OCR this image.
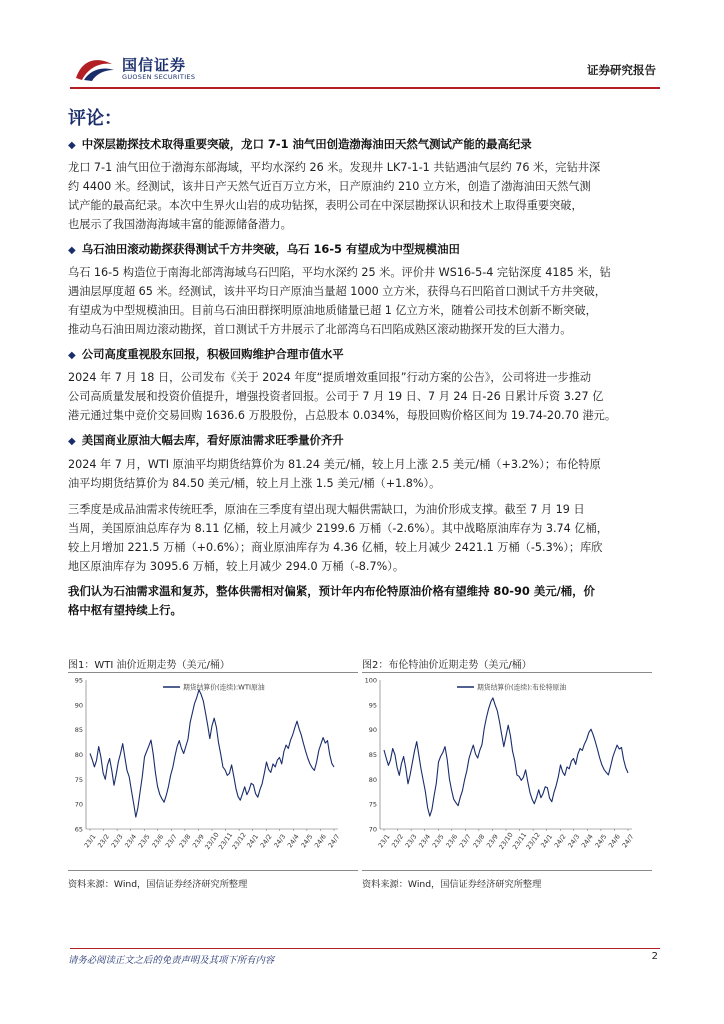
国信证券
GUOSEN SECURITIES	证券研究报告
评论：
◆ 中深层勘探技术取得重要突破，龙口 7-1 油气田创造渤海油田天然气测试产能的最高纪录
龙口 7-1 油气田位于渤海东部海域，平均水深约 26 米。发现井 LK7-1-1 共钻遇油气层约 76 米，完钻井深
约 4400 米。经测试，该井日产天然气近百万立方米，日产原油约 210 立方米，创造了渤海油田天然气测
试产能的最高纪录。本次中生界火山岩的成功钻探，表明公司在中深层勘探认识和技术上取得重要突破，
也展示了我国渤海海域丰富的能源储备潜力。
◆ 乌石油田滚动勘探获得测试千方井突破，乌石 16-5 有望成为中型规模油田
乌石 16-5 构造位于南海北部湾海域乌石凹陷，平均水深约 25 米。评价井 WS16-5-4 完钻深度 4185 米，钻
遇油层厚度超 65 米。经测试，该井平均日产原油当量超 1000 立方米，获得乌石凹陷首口测试千方井突破，
有望成为中型规模油田。目前乌石油田群探明原油地质储量已超 1 亿立方米，随着公司技术创新不断突破，
推动乌石油田周边滚动勘探，首口测试千方井展示了北部湾乌石凹陷成熟区滚动勘探开发的巨大潜力。
◆ 公司高度重视股东回报，积极回购维护合理市值水平
2024 年 7 月 18 日，公司发布《关于 2024 年度“提质增效重回报”行动方案的公告》，公司将进一步推动
公司高质量发展和投资价值提升，增强投资者回报。公司于 7 月 19 日、7 月 24 日-26 日累计斥资 3.27 亿
港元通过集中竞价交易回购 1636.6 万股股份，占总股本 0.034%，每股回购价格区间为 19.74-20.70 港元。
◆ 美国商业原油大幅去库，看好原油需求旺季量价齐升
2024 年 7 月，WTI 原油平均期货结算价为 81.24 美元/桶，较上月上涨 2.5 美元/桶（+3.2%）；布伦特原
油平均期货结算价为 84.50 美元/桶，较上月上涨 1.5 美元/桶（+1.8%）。
三季度是成品油需求传统旺季，原油在三季度有望出现大幅供需缺口，为油价形成支撑。截至 7 月 19 日
当周，美国原油总库存为 8.11 亿桶，较上月减少 2199.6 万桶（-2.6%）。其中战略原油库存为 3.74 亿桶，
较上月增加 221.5 万桶（+0.6%）；商业原油库存为 4.36 亿桶，较上月减少 2421.1 万桶（-5.3%）；库欣
地区原油库存为 3095.6 万桶，较上月减少 294.0 万桶（-8.7%）。
我们认为石油需求温和复苏，整体供需相对偏紧，预计年内布伦特原油价格有望维持 80-90 美元/桶，价
格中枢有望持续上行。
图1：WTI 油价近期走势（美元/桶）
95
90
85
80
75
70
65
23/1
23/2
23/3
23/4
23/5
23/6
23/7
23/8
23/9
23/10
23/11
23/12
24/1
24/2
24/3
24/4
24/5
24/6
24/7
期货结算价(连续):WTI原油
资料来源：Wind，国信证券经济研究所整理
图2：布伦特油价近期走势（美元/桶）
100
95
90
85
80
75
70
23/1
23/2
23/3
23/4
23/5
23/6
23/7
23/8
23/9
23/10
23/11
23/12
24/1
24/2
24/3
24/4
24/5
24/6
24/7
期货结算价(连续):布伦特原油
资料来源：Wind，国信证券经济研究所整理
请务必阅读正文之后的免责声明及其项下所有内容	2
